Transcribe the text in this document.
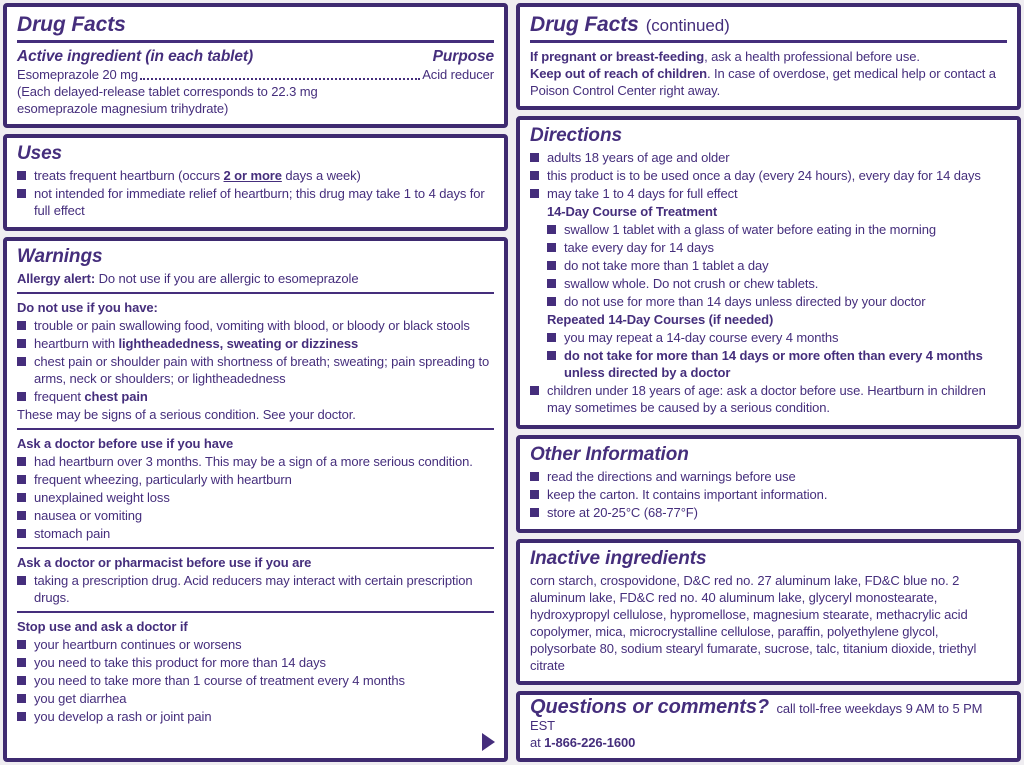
Drug Facts
Active ingredient (in each tablet)	Purpose
Esomeprazole 20 mg	Acid reducer

(Each delayed-release tablet corresponds to 22.3 mg esomeprazole magnesium trihydrate)

Uses
treats frequent heartburn (occurs 2 or more days a week)
not intended for immediate relief of heartburn; this drug may take 1 to 4 days for full effect
Warnings

Allergy alert: Do not use if you are allergic to esomeprazole

Do not use if you have:

trouble or pain swallowing food, vomiting with blood, or bloody or black stools
heartburn with lightheadedness, sweating or dizziness
chest pain or shoulder pain with shortness of breath; sweating; pain spreading to arms, neck or shoulders; or lightheadedness
frequent chest pain

These may be signs of a serious condition. See your doctor.

Ask a doctor before use if you have

had heartburn over 3 months. This may be a sign of a more serious condition.
frequent wheezing, particularly with heartburn
unexplained weight loss
nausea or vomiting
stomach pain

Ask a doctor or pharmacist before use if you are

taking a prescription drug. Acid reducers may interact with certain prescription drugs.

Stop use and ask a doctor if

your heartburn continues or worsens
you need to take this product for more than 14 days
you need to take more than 1 course of treatment every 4 months
you get diarrhea
you develop a rash or joint pain
Drug Facts (continued)

If pregnant or breast-feeding, ask a health professional before use.

Keep out of reach of children. In case of overdose, get medical help or contact a Poison Control Center right away.

Directions
adults 18 years of age and older
this product is to be used once a day (every 24 hours), every day for 14 days
may take 1 to 4 days for full effect

14-Day Course of Treatment

swallow 1 tablet with a glass of water before eating in the morning
take every day for 14 days
do not take more than 1 tablet a day
swallow whole. Do not crush or chew tablets.
do not use for more than 14 days unless directed by your doctor

Repeated 14-Day Courses (if needed)

you may repeat a 14-day course every 4 months
do not take for more than 14 days or more often than every 4 months unless directed by a doctor
children under 18 years of age: ask a doctor before use. Heartburn in children may sometimes be caused by a serious condition.
Other Information
read the directions and warnings before use
keep the carton. It contains important information.
store at 20-25°C (68-77°F)
Inactive ingredients

corn starch, crospovidone, D&C red no. 27 aluminum lake, FD&C blue no. 2 aluminum lake, FD&C red no. 40 aluminum lake, glyceryl monostearate, hydroxypropyl cellulose, hypromellose, magnesium stearate, methacrylic acid copolymer, mica, microcrystalline cellulose, paraffin, polyethylene glycol, polysorbate 80, sodium stearyl fumarate, sucrose, talc, titanium dioxide, triethyl citrate

Questions or comments? call toll-free weekdays 9 AM to 5 PM EST

at 1-866-226-1600
